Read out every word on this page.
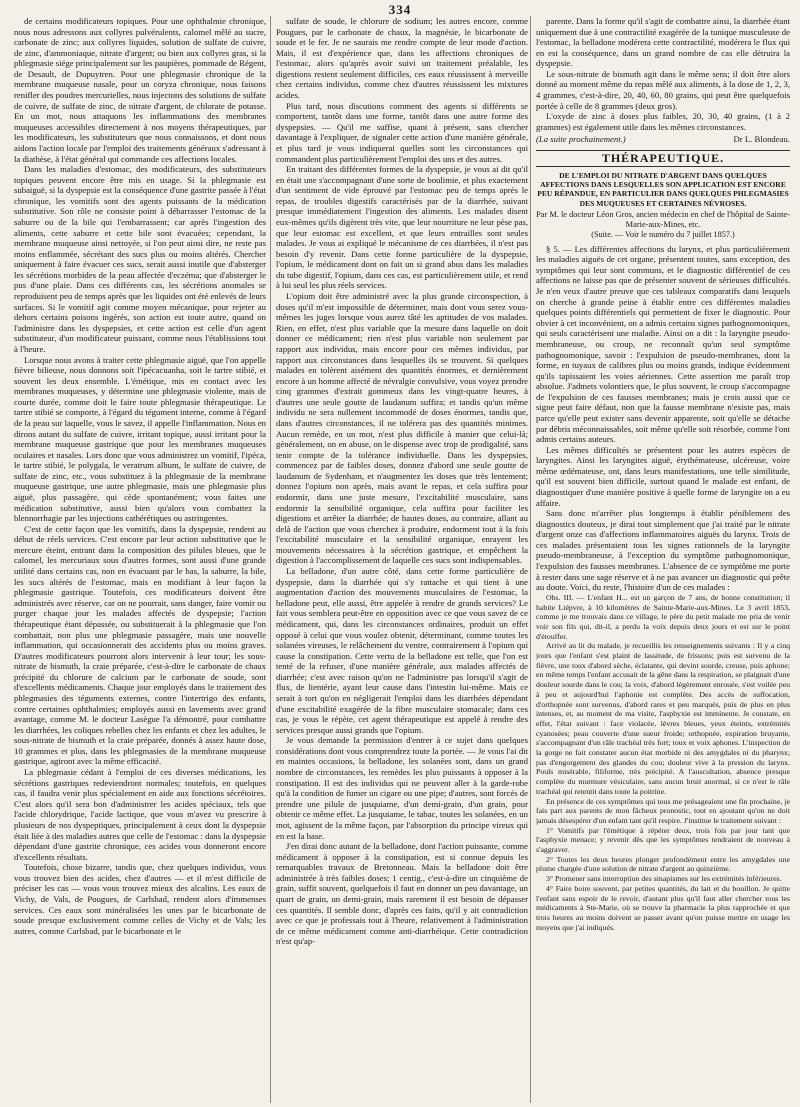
334

de certains modificateurs topiques. Pour une ophthalmie chronique, nous nous adressons aux collyres pulvérulents, calomel mêlé au sucre, carbonate de zinc; aux collyres liquides, solution de sulfate de cuivre, de zinc, d'ammoniaque, nitrate d'argent; ou bien aux collyres gras, si la phlegmasie siége principalement sur les paupières, pommade de Régent, de Desault, de Dupuytren. Pour une phlegmasie chronique de la membrane muqueuse nasale, pour un coryza chronique, nous faisons renifler des poudres mercurielles, nous injectons des solutions de sulfate de cuivre, de sulfate de zinc, de nitrate d'argent, de chlorate de potasse. En un mot, nous attaquons les inflammations des membranes muqueuses accessibles directement à nos moyens thérapeutiques, par les modificateurs, les substituteurs que nous connaissons, et dont nous aidons l'action locale par l'emploi des traitements généraux s'adressant à la diathèse, à l'état général qui commande ces affections locales.

Dans les maladies d'estomac, des modificateurs, des substituteurs topiques peuvent encore être mis en usage. Si la phlegmasie est subaiguë, si la dyspepsie est la conséquence d'une gastrite passée à l'état chronique, les vomitifs sont des agents puissants de la médication substitutive. Son rôle ne consiste point à débarrasser l'estomac de la saburre ou de la bile qui l'embarrassent; car après l'ingestion des aliments, cette saburre et cette bile sont évacuées; cependant, la membrane muqueuse ainsi nettoyée, si l'on peut ainsi dire, ne reste pas moins enflammée, sécrétant des sucs plus ou moins altérés. Chercher uniquement à faire évacuer ces sucs, serait aussi inutile que d'absterger les sécrétions morbides de la peau affectée d'eczéma; que d'absterger le pus d'une plaie. Dans ces différents cas, les sécrétions anomales se reproduisent peu de temps après que les liquides ont été enlevés de leurs surfaces. Si le vomitif agit comme moyen mécanique, pour rejeter au dehors certains poisons ingérés, son action est toute autre, quand on l'administre dans les dyspepsies, et cette action est celle d'un agent substituteur, d'un modificateur puissant, comme nous l'établissions tout à l'heure.

Lorsque nous avons à traiter cette phlegmasie aiguë, que l'on appelle fièvre bilieuse, nous donnons soit l'ipécacuanha, soit le tartre stibié, et souvent les deux ensemble. L'émétique, mis en contact avec les membranes muqueuses, y détermine une phlegmasie violente, mais de courte durée, comme doit le faire toute phlegmasie thérapeutique. Le tartre stibié se comporte, à l'égard du tégument interne, comme à l'égard de la peau sur laquelle, vous le savez, il appelle l'inflammation. Nous en dirons autant du sulfate de cuivre, irritant topique, aussi irritant pour la membrane muqueuse gastrique que pour les membranes muqueuses oculaires et nasales. Lors donc que vous administrez un vomitif, l'ipéca, le tartre stibié, le polygala, le veratrum album, le sulfate de cuivre, de sulfate de zinc, etc., vous substituez à la phlegmasie de la membrane muqueuse gastrique, une autre phlegmasie, mais une phlegmasie plus aiguë, plus passagère, qui cède spontanément; vous faites une médication substitutive, aussi bien qu'alors vous combattez la blennorrhagie par les injections cathérétiques ou astringentes.

C'est de cette façon que les vomitifs, dans la dyspepsie, rendent au début de réels services. C'est encore par leur action substitutive que le mercure éteint, entrant dans la composition des pilules bleues, que le calomel, les mercuriaux sous d'autres formes, sont aussi d'une grande utilité dans certains cas, non en évacuant par le bas, la saburre, la bile, les sucs altérés de l'estomac, mais en modifiant à leur façon la phlegmasie gastrique. Toutefois, ces modificateurs doivent être administrés avec réserve, car on ne pourrait, sans danger, faire vomir ou purger chaque jour les malades affectés de dyspepsie; l'action thérapeutique étant dépassée, ou substituerait à la phlegmasie que l'on combattait, non plus une phlegmasie passagère, mais une nouvelle inflammation, qui occasionnerait des accidents plus ou moins graves. D'autres modificateurs pourront alors intervenir à leur tour; les sous-nitrate de bismuth, la craie préparée, c'est-à-dire le carbonate de chaux précipité du chlorure de calcium par le carbonate de soude, sont d'excellents médicaments. Chaque jour employés dans le traitement des phlegmasies des téguments externes, contre l'intertrigo des enfants, contre certaines ophthalmies; employés aussi en lavements avec grand avantage, comme M. le docteur Lasègue l'a démontré, pour combattre les diarrhées, les coliques rebelles chez les enfants et chez les adultes, le sous-nitrate de bismuth et la craie préparée, donnés à assez haute dose, 10 grammes et plus, dans les phlegmasies de la membrane muqueuse gastrique, agiront avec la même efficacité.

La phlegmasie cédant à l'emploi de ces diverses médications, les sécrétions gastriques redeviendront normales; toutefois, en quelques cas, il faudra venir plus spécialement en aide aux fonctions sécrétoires. C'est alors qu'il sera bon d'administrer les acides spéciaux, tels que l'acide chlorydrique, l'acide lactique, que vous m'avez vu prescrire à plusieurs de nos dyspeptiques, principalement à ceux dont la dyspepsie était liée à des maladies autres que celle de l'estomac : dans la dyspepsie dépendant d'une gastrite chronique, ces acides vous donneront encore d'excellents résultats.

Toutefois, chose bizarre, tandis que, chez quelques individus, vous vous trouvez bien des acides, chez d'autres — et il m'est difficile de préciser les cas — vous vous trouvez mieux des alcalins. Les eaux de Vichy, de Vals, de Pougues, de Carlsbad, rendent alors d'immenses services. Ces eaux sont minéralisées les unes par le bicarbonate de soude presque exclusivement comme celles de Vichy et de Vals; les autres, comme Carlsbad, par le bicarbonate et le

sulfate de soude, le chlorure de sodium; les autres encore, comme Pougues, par le carbonate de chaux, la magnésie, le bicarbonate de soude et le fer. Je ne saurais me rendre compte de leur mode d'action. Mais, il est d'expérience que, dans les affections chroniques de l'estomac, alors qu'après avoir suivi un traitement préalable, les digestions restent seulement difficiles, ces eaux réussissent à merveille chez certains individus, comme chez d'autres réussissent les mixtures acides.

Plus tard, nous discutions comment des agents si différents se comportent, tantôt dans une forme, tantôt dans une autre forme des dyspepsies. — Qu'il me suffise, quant à présent, sans chercher davantage à l'expliquer, de signaler cette action d'une manière générale, et plus tard je vous indiquerai quelles sont les circonstances qui commandent plus particulièrement l'emploi des uns et des autres.

En traitant des différentes formes de la dyspepsie, je vous ai dit qu'il en était une s'accompagnant d'une sorte de boulimie, et plus exactement d'un sentiment de vide éprouvé par l'estomac peu de temps après le repas, de troubles digestifs caractérisés par de la diarrhée, suivant presque immédiatement l'ingestion des aliments. Les malades disent eux-mêmes qu'ils digèrent très vite, que leur nourriture ne leur pèse pas, que leur estomac est excellent, et que leurs entrailles sont seules malades. Je vous ai expliqué le mécanisme de ces diarrhées, il n'est pas besoin d'y revenir. Dans cette forme particulière de la dyspepsie, l'opium, le médicament dont on fait un si grand abus dans les maladies du tube digestif, l'opium, dans ces cas, est particulièrement utile, et rend à lui seul les plus réels services.

L'opium doit être administré avec la plus grande circonspection, à doses qu'il m'est impossible de déterminer, mais dont vous serez vous-mêmes les juges lorsque vous aurez tâté les aptitudes de vos malades. Rien, en effet, n'est plus variable que la mesure dans laquelle on doit donner ce médicament; rien n'est plus variable non seulement par rapport aux individus, mais encore pour ces mêmes individus, par rapport aux circonstances dans lesquelles ils se trouvent. Si quelques malades en tolèrent aisément des quantités énormes, et dernièrement encore à un homme affecté de névralgie convulsive, vous voyez prendre cinq grammes d'extrait gommeux dans les vingt-quatre heures, à d'autres une seule goutte de laudanum suffira; et tandis qu'un même individu ne sera nullement incommodé de doses énormes, tandis que, dans d'autres circonstances, il ne tolérera pas des quantités minimes. Aucun remède, en un mot, n'est plus difficile à manier que celui-là; généralement, on en abuse, on le dispense avec trop de prodigalité, sans tenir compte de la tolérance individuelle. Dans les dyspepsies, commencez par de faibles doses, donnez d'abord une seule goutte de laudanum de Sydenham, et n'augmentez les doses que très lentement; donnez l'opium non après, mais avant le repas, et cela suffira pour endormir, dans une juste mesure, l'excitabilité musculaire, sans endormir la sensibilité organique, cela suffira pour faciliter les digestions et arrêter la diarrhée; de hautes doses, au contraire, allant au delà de l'action que vous cherchez à produire, endorment tout à la fois l'excitabilité musculaire et la sensibilité organique, enrayent les mouvements nécessaires à la sécrétion gastrique, et empêchent la digestion à l'accomplissement de laquelle ces sucs sont indispensables.

La belladone, d'un autre côté, dans cette forme particulière de dyspepsie, dans la diarrhée qui s'y rattache et qui tient à une augmentation d'action des mouvements musculaires de l'estomac, la belladone peut, elle aussi, être appelée à rendre de grands services? Le fait vous semblera peut-être en opposition avec ce que vous savez de ce médicament, qui, dans les circonstances ordinaires, produit un effet opposé à celui que vous voulez obtenir, déterminant, comme toutes les solanées vireuses, le relâchement du ventre, contrairement à l'opium qui cause la constipation. Cette vertu de la belladone est telle, que l'on est tenté de la refuser, d'une manière générale, aux malades affectés de diarrhée; c'est avec raison qu'on ne l'administre pas lorsqu'il s'agit de flux, de lientérie, ayant leur cause dans l'intestin lui-même. Mais ce serait à tort qu'on en négligerait l'emploi dans les diarrhées dépendant d'une excitabilité exagérée de la fibre musculaire stomacale; dans ces cas, je vous le répète, cet agent thérapeutique est appelé à rendre des services presque aussi grands que l'opium.

Je vous demande la permission d'entrer à ce sujet dans quelques considérations dont vous comprendrez toute la portée. — Je vous l'ai dit en maintes occasions, la belladone, les solanées sont, dans un grand nombre de circonstances, les remèdes les plus puissants à opposer à la constipation. Il est des individus qui ne peuvent aller à la garde-robe qu'à la condition de fumer un cigare ou une pipe; d'autres, sont forcés de prendre une pilule de jusquiame, d'un demi-grain, d'un grain, pour obtenir ce même effet. La jusquiame, le tabac, toutes les solanées, en un mot, agissent de la même façon, par l'absorption du principe vireux qui en est la base.

J'en dirai donc autant de la belladone, dont l'action puissante, comme médicament à opposer à la constipation, est si connue depuis les remarquables travaux de Bretonneau. Mais la belladone doit être administrée à très faibles doses; 1 centig., c'est-à-dire un cinquième de grain, suffit souvent, quelquefois il faut en donner un peu davantage, un quart de grain, un demi-grain, mais rarement il est besoin de dépasser ces quantités. Il semble donc, d'après ces faits, qu'il y ait contradiction avec ce que je professais tout à l'heure, relativement à l'administration de ce même médicament comme anti-diarrhéique. Cette contradiction n'est qu'ap-

parente. Dans la forme qu'il s'agit de combattre ainsi, la diarrhée étant uniquement due à une contractilité exagérée de la tunique musculeuse de l'estomac, la belladone modérera cette contractilité, modérera le flux qui en est la conséquence, dans un grand nombre de cas elle détruira la dyspepsie.

Le sous-nitrate de bismuth agit dans le même sens; il doit être alors donné au moment même du repas mêlé aux aliments, à la dose de 1, 2, 3, 4 grammes, c'est-à-dire, 20, 40, 60, 80 grains, qui peut être quelquefois portée à celle de 8 grammes (deux gros).

L'oxyde de zinc à doses plus faibles, 20, 30, 40 grains, (1 à 2 grammes) est également utile dans les mêmes circonstances.

(La suite prochainement.)	Dr L. Blondeau.
THÉRAPEUTIQUE.
DE L'EMPLOI DU NITRATE D'ARGENT DANS QUELQUES AFFECTIONS DANS LESQUELLES SON APPLICATION EST ENCORE PEU RÉPANDUE, EN PARTICULIER DANS QUELQUES PHLEGMASIES DES MUQUEUSES ET CERTAINES NÉVROSES.
Par M. le docteur Léon Gros, ancien médecin en chef de l'hôpital de Sainte-Marie-aux-Mines, etc.
(Suite. — Voir le numéro du 7 juillet 1857.)

§ 5. — Les différentes affections du larynx, et plus particulièrement les maladies aiguës de cet organe, présentent toutes, sans exception, des symptômes qui leur sont communs, et le diagnostic différentiel de ces affections ne laisse pas que de présenter souvent de sérieuses difficultés. Je n'en veux d'autre preuve que ces tableaux comparatifs dans lesquels on cherche à grande peine à établir entre ces différentes maladies quelques points différentiels qui permettent de fixer le diagnostic. Pour obvier à cet inconvénient, on a admis certains signes pathognomoniques, qui seuls caractérisent une maladie. Ainsi on a dit : la laryngite pseudo-membraneuse, ou croup, ne reconnaît qu'un seul symptôme pathognomonique, savoir : l'expulsion de pseudo-membranes, dont la forme, en tuyaux de calibres plus ou moins grands, indique évidemment qu'ils tapissaient les voies aériennes. Cette assertion me paraît trop absolue. J'admets volontiers que, le plus souvent, le croup s'accompagne de l'expulsion de ces fausses membranes; mais je crois aussi que ce signe peut faire défaut, non que la fausse membrane n'existe pas, mais parce qu'elle peut exister sans devenir apparente, soit qu'elle se détache par débris méconnaissables, soit même qu'elle soit résorbée, comme l'ont admis certains auteurs.

Les mêmes difficultés se présentent pour les autres espèces de laryngites. Ainsi les laryngites aiguë, érythémateuse, ulcéreuse, voire même œdémateuse, ont, dans leurs manifestations, une telle similitude, qu'il est souvent bien difficile, surtout quand le malade est enfant, de diagnostiquer d'une manière positive à quelle forme de laryngite on a eu affaire.

Sans donc m'arrêter plus longtemps à établir péniblement des diagnostics douteux, je dirai tout simplement que j'ai traité par le nitrate d'argent onze cas d'affections inflammatoires aiguës du larynx. Trois de ces malades présentaient tous les signes rationnels de la laryngite pseudo-membraneuse, à l'exception du symptôme pathognomonique, l'expulsion des fausses membranes. L'absence de ce symptôme me porte à rester dans une sage réserve et à ne pas avancer un diagnostic qui prête au doute. Voici, du reste, l'histoire d'un de ces malades :

Obs. III. — L'enfant H... est un garçon de 7 ans, de bonne constitution; il habite Liépvre, à 10 kilomètres de Sainte-Marie-aux-Mines. Le 3 avril 1853, comme je me trouvais dans ce village, le père du petit malade me pria de venir voir son fils qui, dit-il, a perdu la voix depuis deux jours et est sur le point d'étouffer.

Arrivé au lit du malade, je recueillis les renseignements suivants : Il y a cinq jours que l'enfant s'est plaint de lassitude, de frissons; puis est survenu de la fièvre, une toux d'abord sèche, éclatante, qui devint sourde, creuse, puis aphone; en même temps l'enfant accusait de la gêne dans la respiration, se plaignait d'une douleur sourde dans le cou; la voix, d'abord légèrement enrouée, s'est voilée peu à peu et aujourd'hui l'aphonie est complète. Des accès de suffocation, d'orthopnée sont survenus, d'abord rares et peu marqués, puis de plus en plus intenses, et, au moment de ma visite, l'asphyxie est imminente. Je constate, en effet, l'état suivant : face violacée, lèvres bleues, yeux éteints, extrémités cyanosées; peau couverte d'une sueur froide; orthopnée, expiration bruyante, s'accompagnant d'un râle trachéal très fort; toux et voix aphones. L'inspection de la gorge ne fait constater aucun état morbide ni des amygdales ni du pharynx; pas d'engorgement des glandes du cou; douleur vive à la pression du larynx. Pouls misérable, filiforme, très précipité. A l'auscultation, absence presque complète du murmure vésiculaire, sans aucun bruit anormal, si ce n'est le râle trachéal qui retentit dans toute la poitrine.

En présence de ces symptômes qui tous me présageaient une fin prochaine, je fais part aux parents de mon fâcheux pronostic, tout en ajoutant qu'on ne doit jamais désespérer d'un enfant tant qu'il respire. J'institue le traitement suivant :

1° Vomitifs par l'émétique à répéter deux, trois fois par jour tant que l'asphyxie menace; y revenir dès que les symptômes tendraient de nouveau à s'aggraver.

2° Toutes les deux heures plonger profondément entre les amygdales une plume chargée d'une solution de nitrate d'argent au quinzième.

3° Promener sans interruption des sinapismes sur les extrémités inférieures.

4° Faire boire souvent, par petites quantités, du lait et du bouillon. Je quitte l'enfant sans espoir de le revoir, d'autant plus qu'il faut aller chercher tous les médicaments à Ste-Marie, où se trouve la pharmacie la plus rapprochée et que trois heures au moins doivent se passer avant qu'on puisse mettre en usage les moyens que j'ai indiqués.
